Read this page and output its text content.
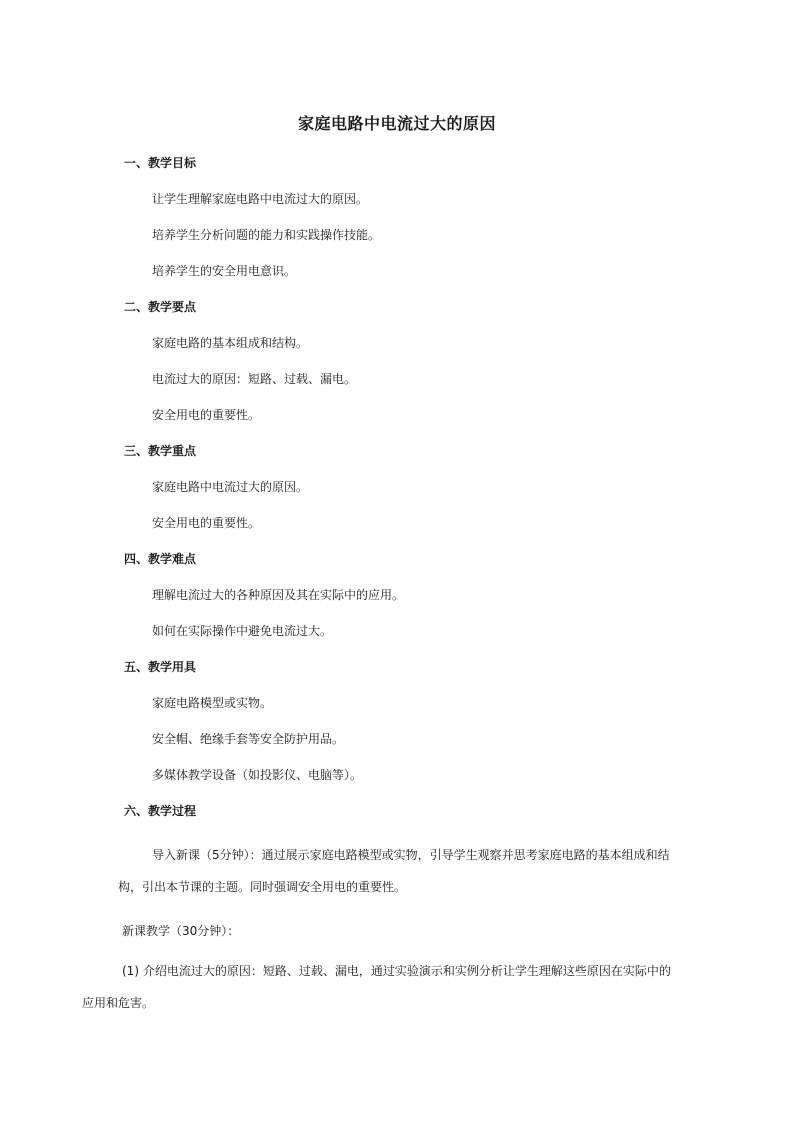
家庭电路中电流过大的原因
一、教学目标
让学生理解家庭电路中电流过大的原因。
培养学生分析问题的能力和实践操作技能。
培养学生的安全用电意识。
二、教学要点
家庭电路的基本组成和结构。
电流过大的原因：短路、过载、漏电。
安全用电的重要性。
三、教学重点
家庭电路中电流过大的原因。
安全用电的重要性。
四、教学难点
理解电流过大的各种原因及其在实际中的应用。
如何在实际操作中避免电流过大。
五、教学用具
家庭电路模型或实物。
安全帽、绝缘手套等安全防护用品。
多媒体教学设备（如投影仪、电脑等）。
六、教学过程
导入新课（5分钟）：通过展示家庭电路模型或实物，引导学生观察并思考家庭电路的基本组成和结
构，引出本节课的主题。同时强调安全用电的重要性。
新课教学（30分钟）：
(1) 介绍电流过大的原因：短路、过载、漏电，通过实验演示和实例分析让学生理解这些原因在实际中的
应用和危害。
